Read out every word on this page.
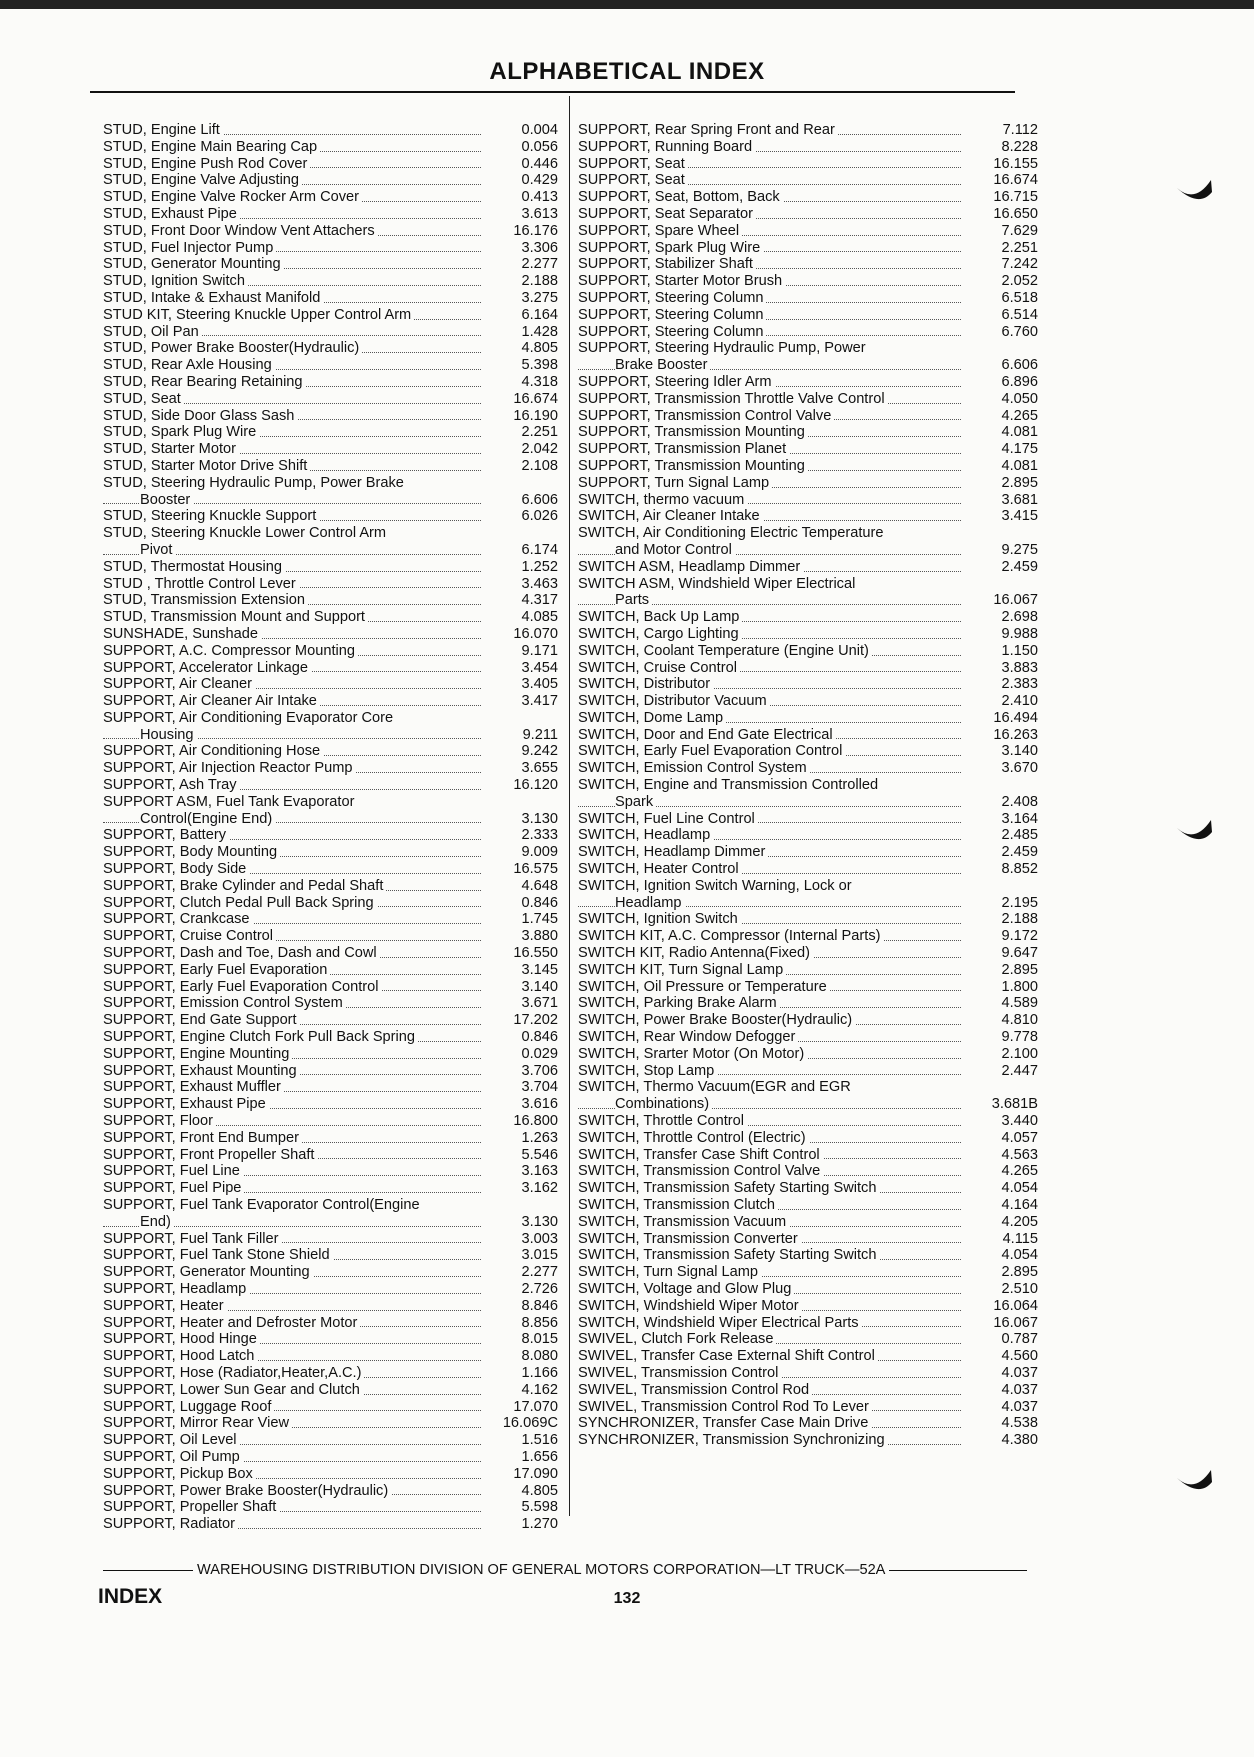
ALPHABETICAL INDEX
STUD, Engine Lift	0.004
STUD, Engine Main Bearing Cap	0.056
STUD, Engine Push Rod Cover	0.446
STUD, Engine Valve Adjusting	0.429
STUD, Engine Valve Rocker Arm Cover	0.413
STUD, Exhaust Pipe	3.613
STUD, Front Door Window Vent Attachers	16.176
STUD, Fuel Injector Pump	3.306
STUD, Generator Mounting	2.277
STUD, Ignition Switch	2.188
STUD, Intake & Exhaust Manifold	3.275
STUD KIT, Steering Knuckle Upper Control Arm	6.164
STUD, Oil Pan	1.428
STUD, Power Brake Booster(Hydraulic)	4.805
STUD, Rear Axle Housing	5.398
STUD, Rear Bearing Retaining	4.318
STUD, Seat	16.674
STUD, Side Door Glass Sash	16.190
STUD, Spark Plug Wire	2.251
STUD, Starter Motor	2.042
STUD, Starter Motor Drive Shift	2.108
STUD, Steering Hydraulic Pump, Power Brake
Booster	6.606
STUD, Steering Knuckle Support	6.026
STUD, Steering Knuckle Lower Control Arm
Pivot	6.174
STUD, Thermostat Housing	1.252
STUD , Throttle Control Lever	3.463
STUD, Transmission Extension	4.317
STUD, Transmission Mount and Support	4.085
SUNSHADE, Sunshade	16.070
SUPPORT, A.C. Compressor Mounting	9.171
SUPPORT, Accelerator Linkage	3.454
SUPPORT, Air Cleaner	3.405
SUPPORT, Air Cleaner Air Intake	3.417
SUPPORT, Air Conditioning Evaporator Core
Housing	9.211
SUPPORT, Air Conditioning Hose	9.242
SUPPORT, Air Injection Reactor Pump	3.655
SUPPORT, Ash Tray	16.120
SUPPORT ASM, Fuel Tank Evaporator
Control(Engine End)	3.130
SUPPORT, Battery	2.333
SUPPORT, Body Mounting	9.009
SUPPORT, Body Side	16.575
SUPPORT, Brake Cylinder and Pedal Shaft	4.648
SUPPORT, Clutch Pedal Pull Back Spring	0.846
SUPPORT, Crankcase	1.745
SUPPORT, Cruise Control	3.880
SUPPORT, Dash and Toe, Dash and Cowl	16.550
SUPPORT, Early Fuel Evaporation	3.145
SUPPORT, Early Fuel Evaporation Control	3.140
SUPPORT, Emission Control System	3.671
SUPPORT, End Gate Support	17.202
SUPPORT, Engine Clutch Fork Pull Back Spring	0.846
SUPPORT, Engine Mounting	0.029
SUPPORT, Exhaust Mounting	3.706
SUPPORT, Exhaust Muffler	3.704
SUPPORT, Exhaust Pipe	3.616
SUPPORT, Floor	16.800
SUPPORT, Front End Bumper	1.263
SUPPORT, Front Propeller Shaft	5.546
SUPPORT, Fuel Line	3.163
SUPPORT, Fuel Pipe	3.162
SUPPORT, Fuel Tank Evaporator Control(Engine
End)	3.130
SUPPORT, Fuel Tank Filler	3.003
SUPPORT, Fuel Tank Stone Shield	3.015
SUPPORT, Generator Mounting	2.277
SUPPORT, Headlamp	2.726
SUPPORT, Heater	8.846
SUPPORT, Heater and Defroster Motor	8.856
SUPPORT, Hood Hinge	8.015
SUPPORT, Hood Latch	8.080
SUPPORT, Hose (Radiator,Heater,A.C.)	1.166
SUPPORT, Lower Sun Gear and Clutch	4.162
SUPPORT, Luggage Roof	17.070
SUPPORT, Mirror Rear View	16.069C
SUPPORT, Oil Level	1.516
SUPPORT, Oil Pump	1.656
SUPPORT, Pickup Box	17.090
SUPPORT, Power Brake Booster(Hydraulic)	4.805
SUPPORT, Propeller Shaft	5.598
SUPPORT, Radiator	1.270
SUPPORT, Rear Spring Front and Rear	7.112
SUPPORT, Running Board	8.228
SUPPORT, Seat	16.155
SUPPORT, Seat	16.674
SUPPORT, Seat, Bottom, Back	16.715
SUPPORT, Seat Separator	16.650
SUPPORT, Spare Wheel	7.629
SUPPORT, Spark Plug Wire	2.251
SUPPORT, Stabilizer Shaft	7.242
SUPPORT, Starter Motor Brush	2.052
SUPPORT, Steering Column	6.518
SUPPORT, Steering Column	6.514
SUPPORT, Steering Column	6.760
SUPPORT, Steering Hydraulic Pump, Power
Brake Booster	6.606
SUPPORT, Steering Idler Arm	6.896
SUPPORT, Transmission Throttle Valve Control	4.050
SUPPORT, Transmission Control Valve	4.265
SUPPORT, Transmission Mounting	4.081
SUPPORT, Transmission Planet	4.175
SUPPORT, Transmission Mounting	4.081
SUPPORT, Turn Signal Lamp	2.895
SWITCH, thermo vacuum	3.681
SWITCH, Air Cleaner Intake	3.415
SWITCH, Air Conditioning Electric Temperature
and Motor Control	9.275
SWITCH ASM, Headlamp Dimmer	2.459
SWITCH ASM, Windshield Wiper Electrical
Parts	16.067
SWITCH, Back Up Lamp	2.698
SWITCH, Cargo Lighting	9.988
SWITCH, Coolant Temperature (Engine Unit)	1.150
SWITCH, Cruise Control	3.883
SWITCH, Distributor	2.383
SWITCH, Distributor Vacuum	2.410
SWITCH, Dome Lamp	16.494
SWITCH, Door and End Gate Electrical	16.263
SWITCH, Early Fuel Evaporation Control	3.140
SWITCH, Emission Control System	3.670
SWITCH, Engine and Transmission Controlled
Spark	2.408
SWITCH, Fuel Line Control	3.164
SWITCH, Headlamp	2.485
SWITCH, Headlamp Dimmer	2.459
SWITCH, Heater Control	8.852
SWITCH, Ignition Switch Warning, Lock or
Headlamp	2.195
SWITCH, Ignition Switch	2.188
SWITCH KIT, A.C. Compressor (Internal Parts)	9.172
SWITCH KIT, Radio Antenna(Fixed)	9.647
SWITCH KIT, Turn Signal Lamp	2.895
SWITCH, Oil Pressure or Temperature	1.800
SWITCH, Parking Brake Alarm	4.589
SWITCH, Power Brake Booster(Hydraulic)	4.810
SWITCH, Rear Window Defogger	9.778
SWITCH, Srarter Motor (On Motor)	2.100
SWITCH, Stop Lamp	2.447
SWITCH, Thermo Vacuum(EGR and EGR
Combinations)	3.681B
SWITCH, Throttle Control	3.440
SWITCH, Throttle Control (Electric)	4.057
SWITCH, Transfer Case Shift Control	4.563
SWITCH, Transmission Control Valve	4.265
SWITCH, Transmission Safety Starting Switch	4.054
SWITCH, Transmission Clutch	4.164
SWITCH, Transmission Vacuum	4.205
SWITCH, Transmission Converter	4.115
SWITCH, Transmission Safety Starting Switch	4.054
SWITCH, Turn Signal Lamp	2.895
SWITCH, Voltage and Glow Plug	2.510
SWITCH, Windshield Wiper Motor	16.064
SWITCH, Windshield Wiper Electrical Parts	16.067
SWIVEL, Clutch Fork Release	0.787
SWIVEL, Transfer Case External Shift Control	4.560
SWIVEL, Transmission Control	4.037
SWIVEL, Transmission Control Rod	4.037
SWIVEL, Transmission Control Rod To Lever	4.037
SYNCHRONIZER, Transfer Case Main Drive	4.538
SYNCHRONIZER, Transmission Synchronizing	4.380
WAREHOUSING DISTRIBUTION DIVISION OF GENERAL MOTORS CORPORATION—LT TRUCK—52A
INDEX	132
